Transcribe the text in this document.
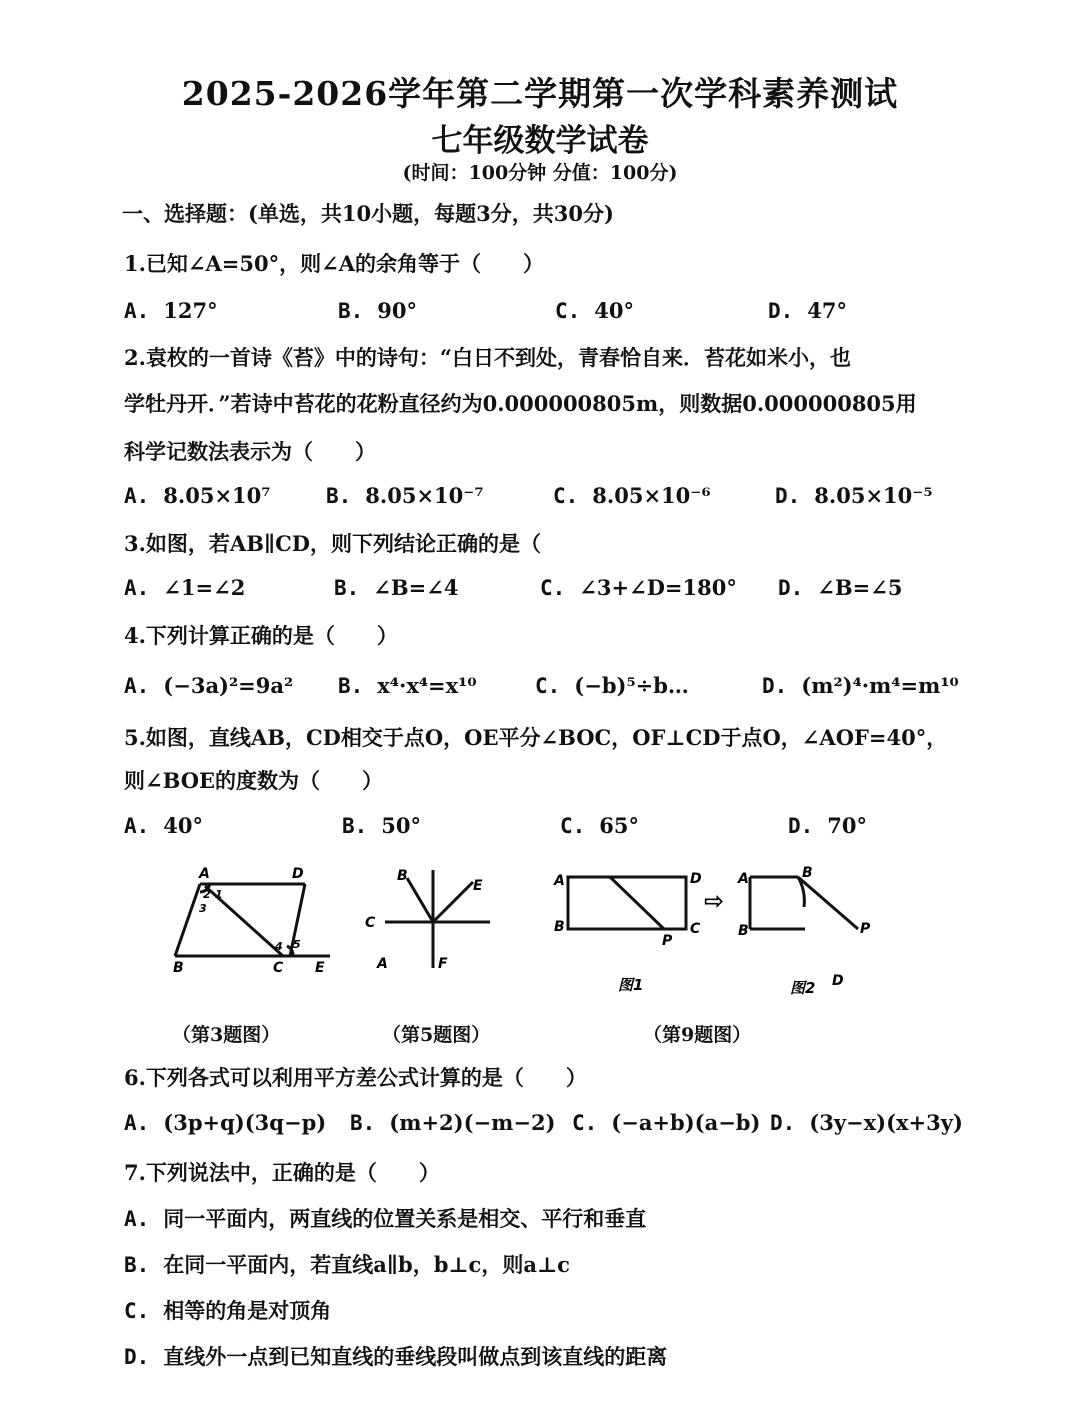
2025-2026学年第二学期第一次学科素养测试
七年级数学试卷
(时间：100分钟 分值：100分)
一、选择题：(单选，共10小题，每题3分，共30分)
1.已知∠A=50°，则∠A的余角等于（　　）
A. 127°	B. 90°	C. 40°	D. 47°
2.袁枚的一首诗《苔》中的诗句：“白日不到处，青春恰自来．苔花如米小，也
学牡丹开．”若诗中苔花的花粉直径约为0.000000805m，则数据0.000000805用
科学记数法表示为（　　）
A. 8.05×10⁷	B. 8.05×10⁻⁷	C. 8.05×10⁻⁶	D. 8.05×10⁻⁵
3.如图，若AB∥CD，则下列结论正确的是（
A. ∠1=∠2	B. ∠B=∠4	C. ∠3+∠D=180° D. ∠B=∠5
4.下列计算正确的是（　　）
A. (−3a)²=9a² B. x⁴·x⁴=x¹⁰	C. (−b)⁵÷b…	D. (m²)⁴·m⁴=m¹⁰
5.如图，直线AB，CD相交于点O，OE平分∠BOC，OF⊥CD于点O，∠AOF=40°，
则∠BOE的度数为（　　）
A. 40°	B. 50°	C. 65°	D. 70°
A	D
B	C E
1
2
3
4 5
（第3题图）
B
E
C
A	F
（第5题图）
⇨
A	D
B
P
C
A	B
B	P
D
图1	图2
（第9题图）
6.下列各式可以利用平方差公式计算的是（　　）
A. (3p+q)(3q−p) B. (m+2)(−m−2) C. (−a+b)(a−b) D. (3y−x)(x+3y)
7.下列说法中，正确的是（　　）
A. 同一平面内，两直线的位置关系是相交、平行和垂直
B. 在同一平面内，若直线a∥b，b⊥c，则a⊥c
C. 相等的角是对顶角
D. 直线外一点到已知直线的垂线段叫做点到该直线的距离
